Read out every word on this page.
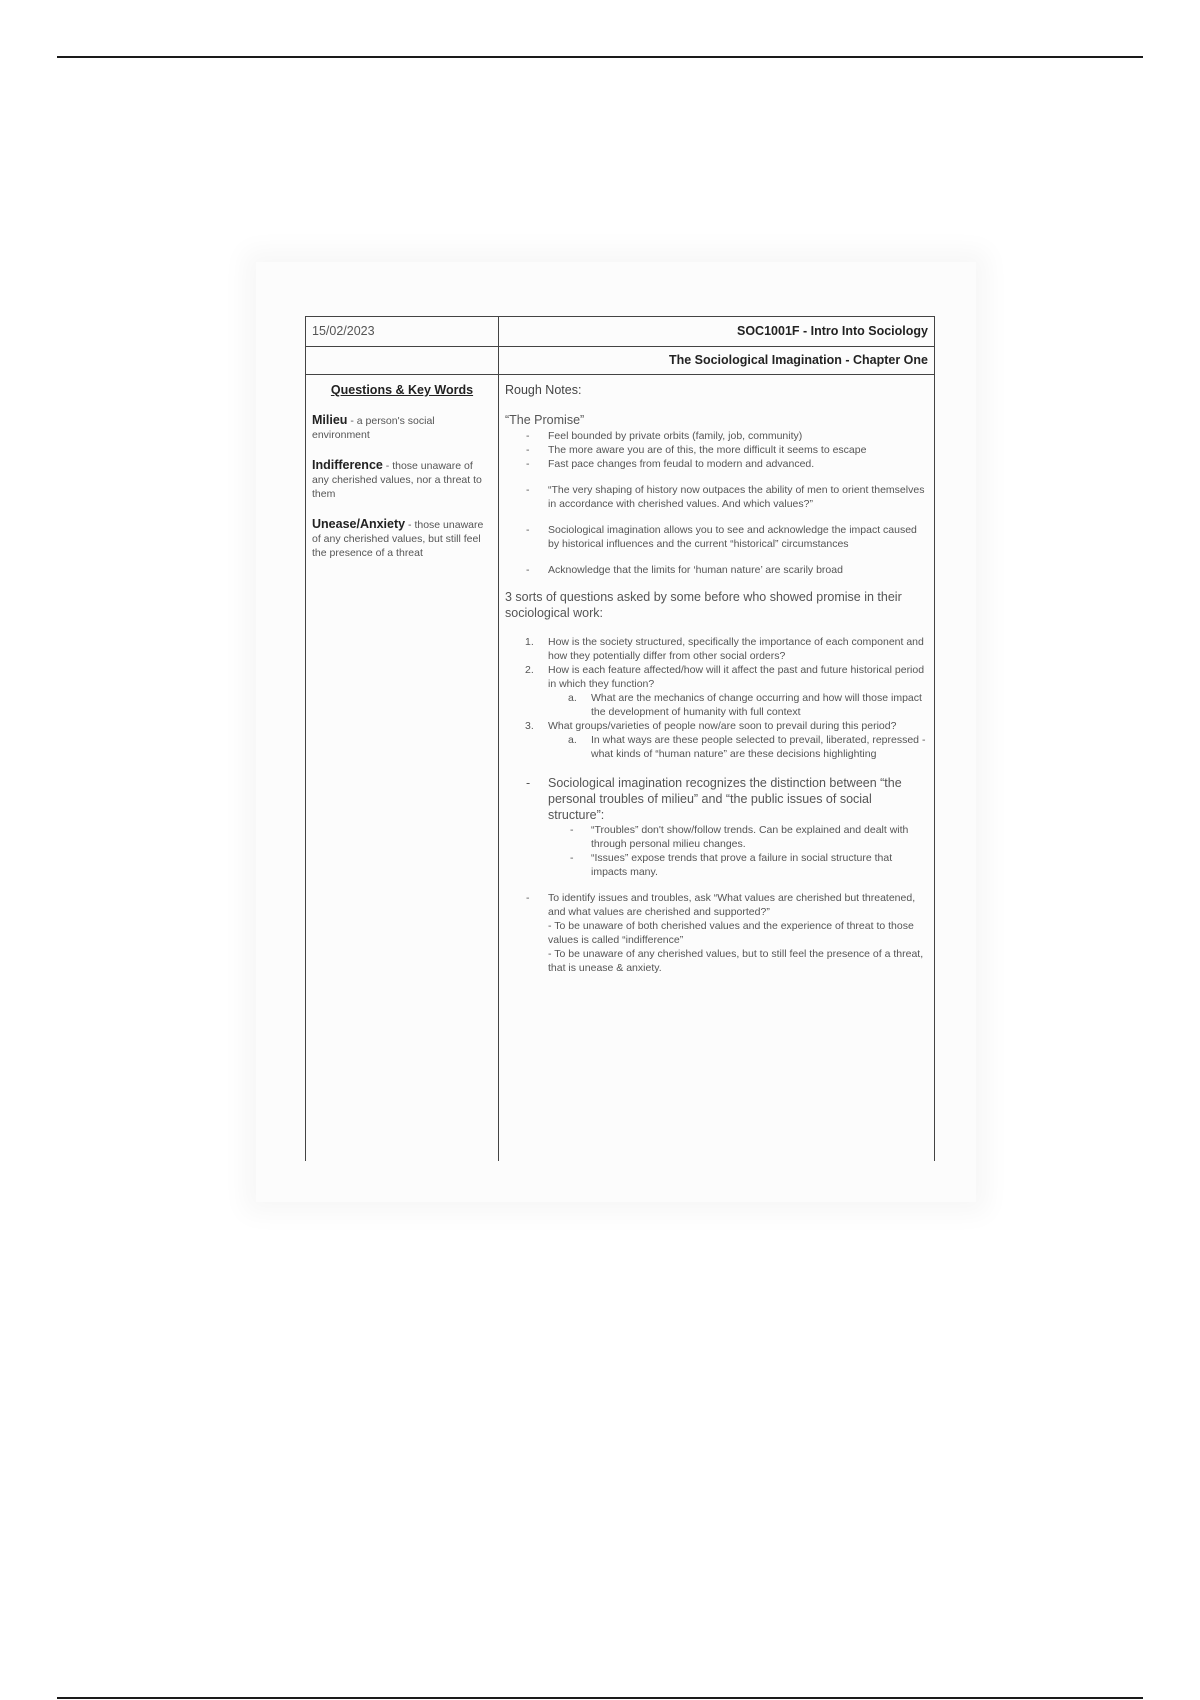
15/02/2023	SOC1001F - Intro Into Sociology
The Sociological Imagination - Chapter One
Questions & Key Words
Milieu - a person's social environment
Indifference - those unaware of any cherished values, nor a threat to them
Unease/Anxiety - those unaware of any cherished values, but still feel the presence of a threat
Rough Notes:
“The Promise”
- Feel bounded by private orbits (family, job, community)
- The more aware you are of this, the more difficult it seems to escape
- Fast pace changes from feudal to modern and advanced.
- “The very shaping of history now outpaces the ability of men to orient themselves in accordance with cherished values. And which values?”
- Sociological imagination allows you to see and acknowledge the impact caused by historical influences and the current “historical” circumstances
- Acknowledge that the limits for ‘human nature’ are scarily broad
3 sorts of questions asked by some before who showed promise in their sociological work:
1. How is the society structured, specifically the importance of each component and how they potentially differ from other social orders?
2. How is each feature affected/how will it affect the past and future historical period in which they function?
a. What are the mechanics of change occurring and how will those impact the development of humanity with full context
3. What groups/varieties of people now/are soon to prevail during this period?
a. In what ways are these people selected to prevail, liberated, repressed - what kinds of “human nature” are these decisions highlighting
- Sociological imagination recognizes the distinction between “the personal troubles of milieu” and “the public issues of social structure”:
- “Troubles” don't show/follow trends. Can be explained and dealt with through personal milieu changes.
- “Issues” expose trends that prove a failure in social structure that impacts many.
- To identify issues and troubles, ask “What values are cherished but threatened, and what values are cherished and supported?”
- To be unaware of both cherished values and the experience of threat to those values is called “indifference”
- To be unaware of any cherished values, but to still feel the presence of a threat, that is unease & anxiety.
